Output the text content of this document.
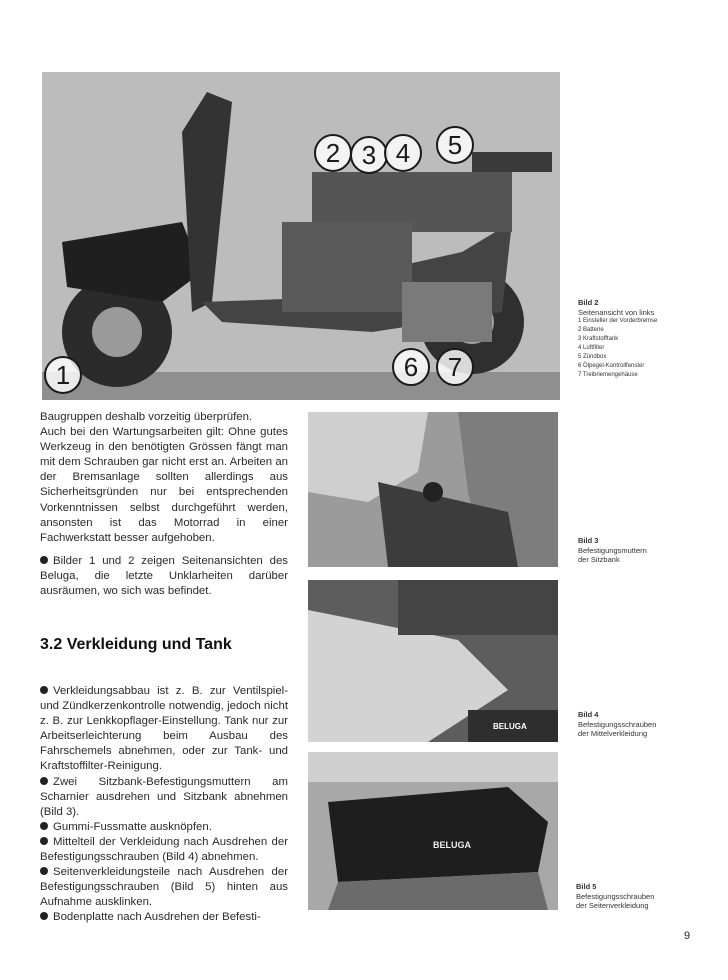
1
2 3 4	5
6	7
Bild 2
Seitenansicht von links
1 Einsteller der Vorderbremse
2 Batterie
3 Kraftstofftank
4 Luftfilter
5 Zündbox
6 Ölpegel-Kontrollfenster
7 Treibriemengehäuse
Bild 3
Befestigungsmuttern
der Sitzbank
BELUGA
Bild 4
Befestigungsschrauben
der Mittelverkleidung
BELUGA
Bild 5
Befestigungsschrauben
der Seitenverkleidung

Baugruppen deshalb vorzeitig überprüfen.

Auch bei den Wartungsarbeiten gilt: Ohne gutes Werkzeug in den benötigten Grössen fängt man mit dem Schrauben gar nicht erst an. Arbeiten an der Bremsanlage sollten allerdings aus Sicherheitsgründen nur bei entsprechenden Vorkenntnissen selbst durchgeführt werden, ansonsten ist das Motorrad in einer Fachwerkstatt besser aufgehoben.

Bilder 1 und 2 zeigen Seitenansichten des Beluga, die letzte Unklarheiten darüber ausräumen, wo sich was befindet.

3.2 Verkleidung und Tank

Verkleidungsabbau ist z. B. zur Ventilspiel- und Zündkerzenkontrolle notwendig, jedoch nicht z. B. zur Lenkkopflager-Einstellung. Tank nur zur Arbeitserleichterung beim Ausbau des Fahrschemels abnehmen, oder zur Tank- und Kraftstoffilter-Reinigung.

Zwei Sitzbank-Befestigungsmuttern am Scharnier ausdrehen und Sitzbank abnehmen (Bild 3).

Gummi-Fussmatte ausknöpfen.

Mittelteil der Verkleidung nach Ausdrehen der Befestigungsschrauben (Bild 4) abnehmen.

Seitenverkleidungsteile nach Ausdrehen der Befestigungsschrauben (Bild 5) hinten aus Aufnahme ausklinken.

Bodenplatte nach Ausdrehen der Befesti-

9
